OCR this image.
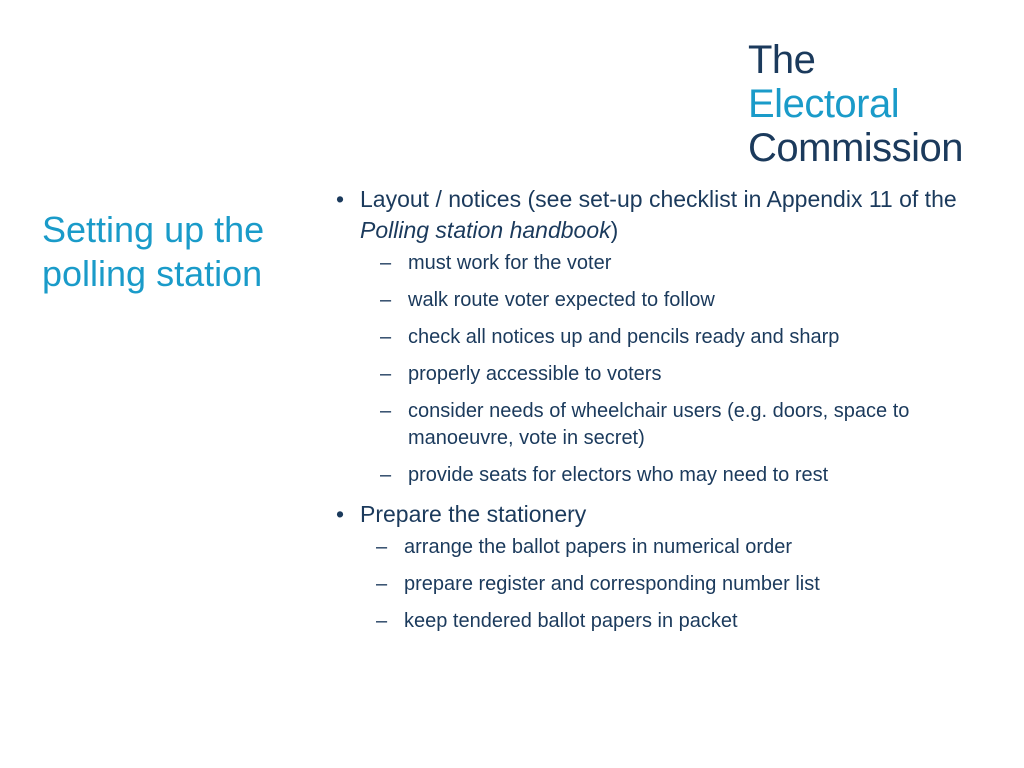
The
Electoral
Commission
Setting up the
polling station
• Layout / notices (see set-up checklist in Appendix 11 of the Polling station handbook)
– must work for the voter
– walk route voter expected to follow
– check all notices up and pencils ready and sharp
– properly accessible to voters
– consider needs of wheelchair users (e.g. doors, space to manoeuvre, vote in secret)
– provide seats for electors who may need to rest
• Prepare the stationery
– arrange the ballot papers in numerical order
– prepare register and corresponding number list
– keep tendered ballot papers in packet
